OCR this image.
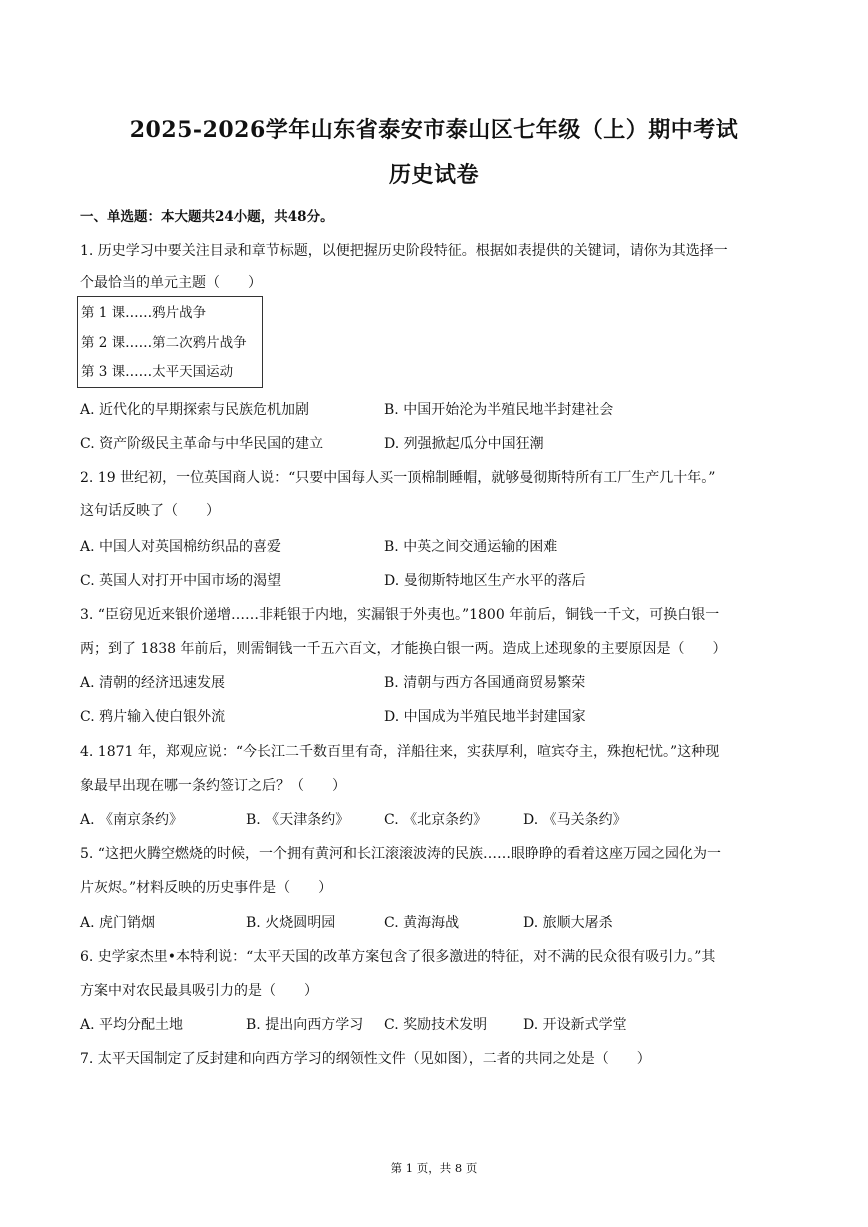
2025-2026学年山东省泰安市泰山区七年级（上）期中考试
历史试卷
一、单选题：本大题共24小题，共48分。
1. 历史学习中要关注目录和章节标题，以便把握历史阶段特征。根据如表提供的关键词，请你为其选择一
个最恰当的单元主题（　　）
第 1 课……鸦片战争
第 2 课……第二次鸦片战争
第 3 课……太平天国运动
A. 近代化的早期探索与民族危机加剧	B. 中国开始沦为半殖民地半封建社会
C. 资产阶级民主革命与中华民国的建立	D. 列强掀起瓜分中国狂潮
2. 19 世纪初，一位英国商人说：“只要中国每人买一顶棉制睡帽，就够曼彻斯特所有工厂生产几十年。”
这句话反映了（　　）
A. 中国人对英国棉纺织品的喜爱	B. 中英之间交通运输的困难
C. 英国人对打开中国市场的渴望	D. 曼彻斯特地区生产水平的落后
3. “臣窃见近来银价递增……非耗银于内地，实漏银于外夷也。”1800 年前后，铜钱一千文，可换白银一
两；到了 1838 年前后，则需铜钱一千五六百文，才能换白银一两。造成上述现象的主要原因是（　　）
A. 清朝的经济迅速发展	B. 清朝与西方各国通商贸易繁荣
C. 鸦片输入使白银外流	D. 中国成为半殖民地半封建国家
4. 1871 年，郑观应说：“今长江二千数百里有奇，洋船往来，实获厚利，喧宾夺主，殊抱杞忧。”这种现
象最早出现在哪一条约签订之后？（　　）
A. 《南京条约》	B. 《天津条约》 C. 《北京条约》	D. 《马关条约》
5. “这把火腾空燃烧的时候，一个拥有黄河和长江滚滚波涛的民族……眼睁睁的看着这座万园之园化为一
片灰烬。”材料反映的历史事件是（　　）
A. 虎门销烟	B. 火烧圆明园	C. 黄海海战	D. 旅顺大屠杀
6. 史学家杰里•本特利说：“太平天国的改革方案包含了很多激进的特征，对不满的民众很有吸引力。”其
方案中对农民最具吸引力的是（　　）
A. 平均分配土地	B. 提出向西方学习 C. 奖励技术发明	D. 开设新式学堂
7. 太平天国制定了反封建和向西方学习的纲领性文件（见如图），二者的共同之处是（　　）
第 1 页，共 8 页
